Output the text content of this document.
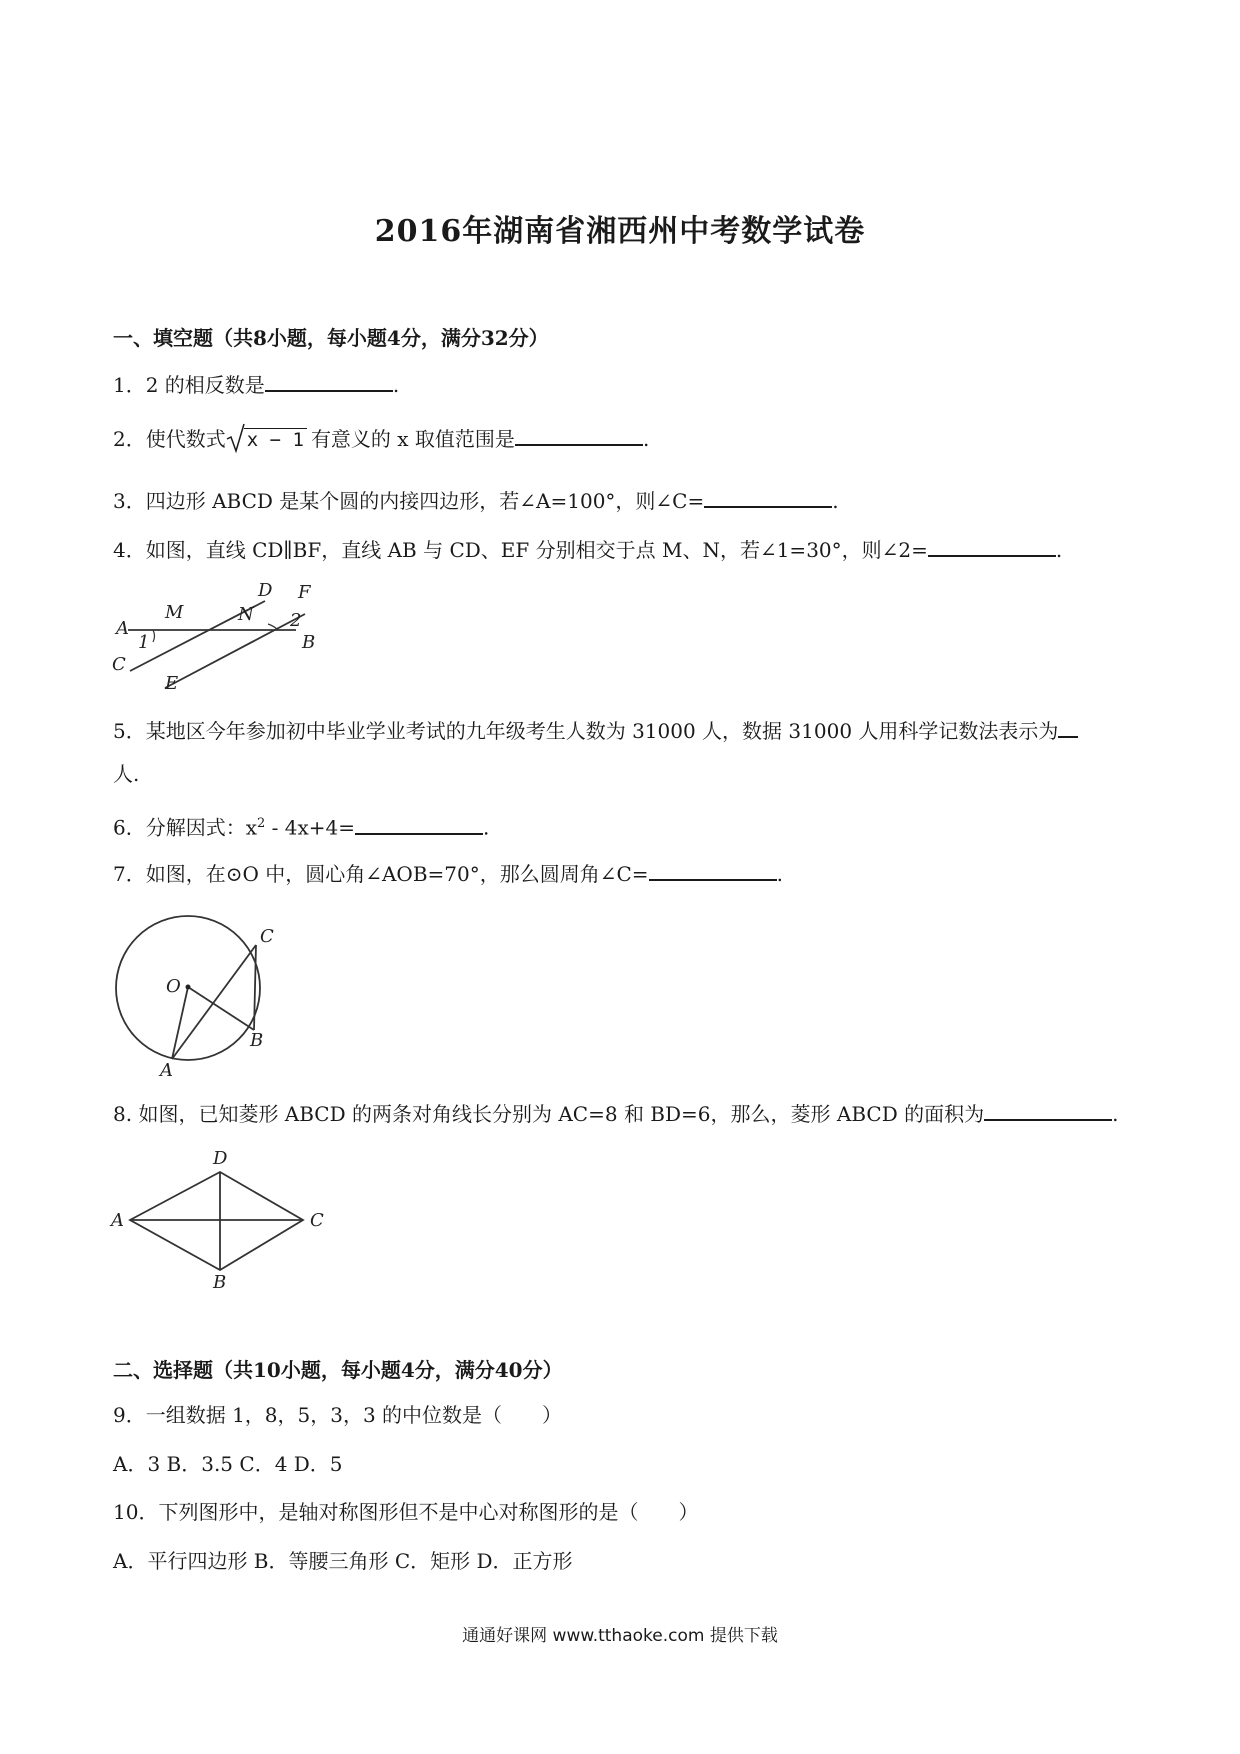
2016年湖南省湘西州中考数学试卷
一、填空题（共8小题，每小题4分，满分32分）
1．2 的相反数是	.
2．使代数式 x − 1 有意义的 x 取值范围是	.
3．四边形 ABCD 是某个圆的内接四边形，若∠A=100°，则∠C=	.
4．如图，直线 CD∥BF，直线 AB 与 CD、EF 分别相交于点 M、N，若∠1=30°，则∠2=	.
D F
M	N
A
1
2
B
C
E
5．某地区今年参加初中毕业学业考试的九年级考生人数为 31000 人，数据 31000 人用科学记数法表示为
人.
6．分解因式：$x^2 - 4x+4=$	.
7．如图，在⊙O 中，圆心角∠AOB=70°，那么圆周角∠C=	.
C
O
B
A
8. 如图，已知菱形 ABCD 的两条对角线长分别为 AC=8 和 BD=6，那么，菱形 ABCD 的面积为	.
D
A	C
B
二、选择题（共10小题，每小题4分，满分40分）
9．一组数据 1，8，5，3，3 的中位数是（　　）
A．3 B．3.5 C．4 D．5
10．下列图形中，是轴对称图形但不是中心对称图形的是（　　）
A．平行四边形 B．等腰三角形 C．矩形 D．正方形
通通好课网 www.tthaoke.com 提供下载
